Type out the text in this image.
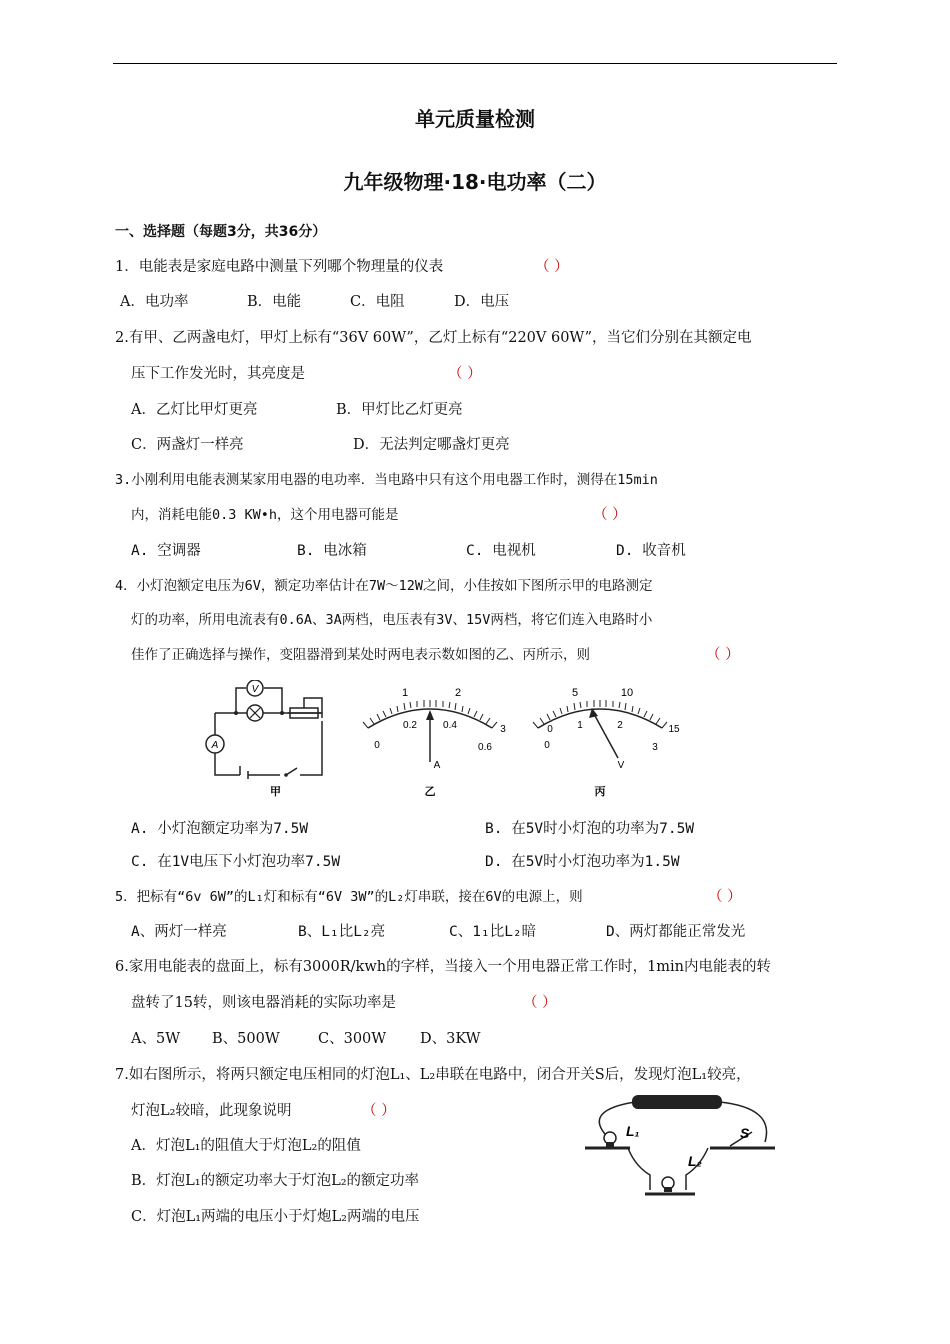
单元质量检测
九年级物理·18·电功率（二）
一、选择题（每题3分，共36分）
1．电能表是家庭电路中测量下列哪个物理量的仪表	（ ）
A．电功率	B．电能	C．电阻	D．电压
2.有甲、乙两盏电灯，甲灯上标有“36V 60W”，乙灯上标有“220V 60W”，当它们分别在其额定电
压下工作发光时，其亮度是	（ ）
A．乙灯比甲灯更亮	B．甲灯比乙灯更亮
C．两盏灯一样亮	D．无法判定哪盏灯更亮
3.小刚利用电能表测某家用电器的电功率．当电路中只有这个用电器工作时，测得在15min
内，消耗电能0.3 KW•h，这个用电器可能是	（ ）
A. 空调器	B. 电冰箱	C. 电视机	D. 收音机
4．小灯泡额定电压为6V，额定功率估计在7W～12W之间，小佳按如下图所示甲的电路测定
灯的功率，所用电流表有0.6A、3A两档，电压表有3V、15V两档，将它们连入电路时小
佳作了正确选择与操作，变阻器滑到某处时两电表示数如图的乙、丙所示，则	（ ）
V
A
甲
1	2
0.2	0.4
0	0.6
3
A
乙
5	10
1	2
0
0	3
15
V
丙
A. 小灯泡额定功率为7.5W	B. 在5V时小灯泡的功率为7.5W
C. 在1V电压下小灯泡功率7.5W	D. 在5V时小灯泡功率为1.5W
5．把标有“6v 6W”的L₁灯和标有“6V 3W”的L₂灯串联，接在6V的电源上，则	（ ）
A、两灯一样亮	B、L₁比L₂亮	C、1₁比L₂暗	D、两灯都能正常发光
6.家用电能表的盘面上，标有3000R/kwh的字样，当接入一个用电器正常工作时，1min内电能表的转
盘转了15转，则该电器消耗的实际功率是	（ ）
A、5W B、500W	C、300W D、3KW
7.如右图所示，将两只额定电压相同的灯泡L₁、L₂串联在电路中，闭合开关S后，发现灯泡L₁较亮，
灯泡L₂较暗，此现象说明	（ ）
A．灯泡L₁的阻值大于灯泡L₂的阻值
B．灯泡L₁的额定功率大于灯泡L₂的额定功率
C．灯泡L₁两端的电压小于灯炮L₂两端的电压
L₁
L₂
S
